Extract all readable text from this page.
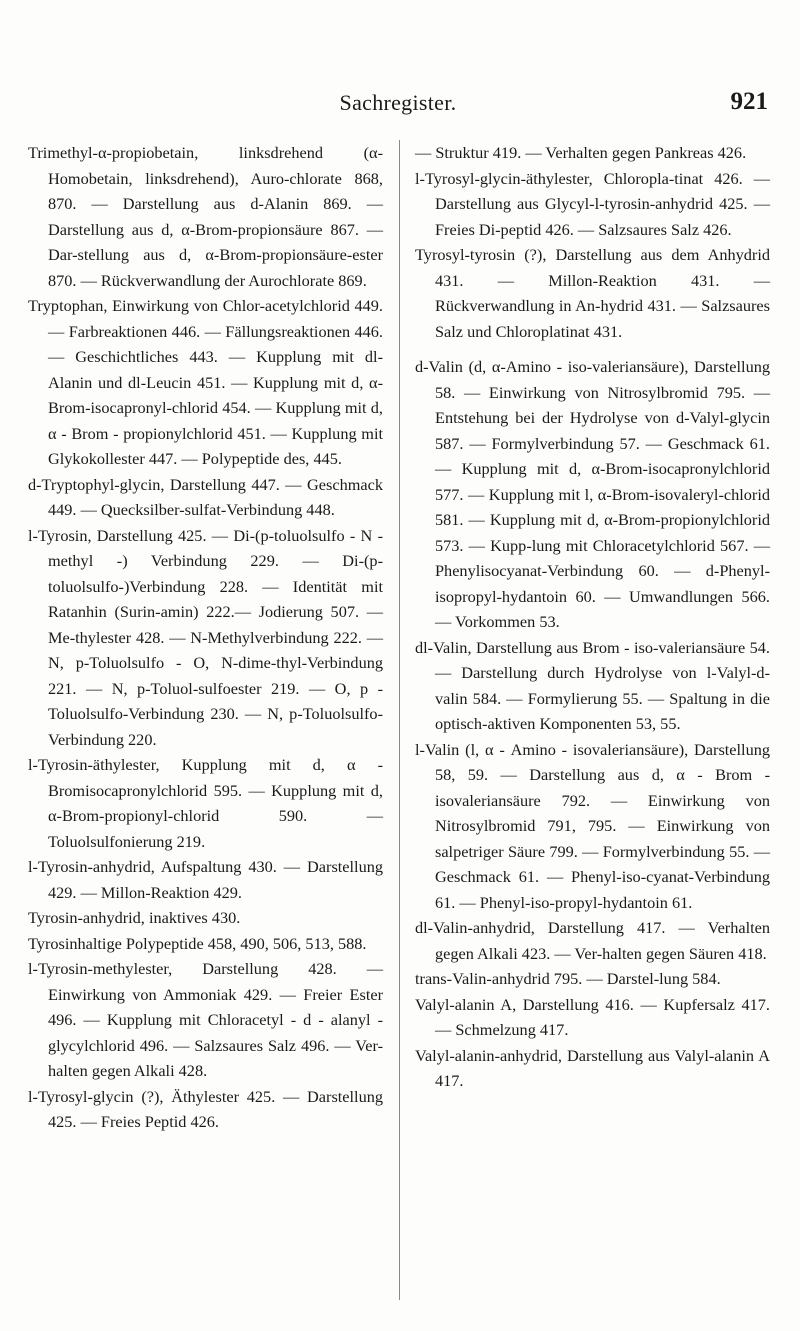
Sachregister.	921

Trimethyl-α-propiobetain, linksdrehend (α-Homobetain, linksdrehend), Auro-chlorate 868, 870. — Darstellung aus d-Alanin 869. — Darstellung aus d, α-Brom-propionsäure 867. — Dar-stellung aus d, α-Brom-propionsäure-ester 870. — Rückverwandlung der Aurochlorate 869.

Tryptophan, Einwirkung von Chlor-acetylchlorid 449. — Farbreaktionen 446. — Fällungsreaktionen 446. — Geschichtliches 443. — Kupplung mit dl-Alanin und dl-Leucin 451. — Kupplung mit d, α-Brom-isocapronyl-chlorid 454. — Kupplung mit d, α - Brom - propionylchlorid 451. — Kupplung mit Glykokollester 447. — Polypeptide des, 445.

d-Tryptophyl-glycin, Darstellung 447. — Geschmack 449. — Quecksilber-sulfat-Verbindung 448.

l-Tyrosin, Darstellung 425. — Di-(p-toluolsulfo - N - methyl -) Verbindung 229. — Di-(p-toluolsulfo-)Verbindung 228. — Identität mit Ratanhin (Surin-amin) 222.— Jodierung 507. — Me-thylester 428. — N-Methylverbindung 222. — N, p-Toluolsulfo - O, N-dime-thyl-Verbindung 221. — N, p-Toluol-sulfoester 219. — O, p - Toluolsulfo-Verbindung 230. — N, p-Toluolsulfo-Verbindung 220.

l-Tyrosin-äthylester, Kupplung mit d, α - Bromisocapronylchlorid 595. — Kupplung mit d, α-Brom-propionyl-chlorid 590. — Toluolsulfonierung 219.

l-Tyrosin-anhydrid, Aufspaltung 430. — Darstellung 429. — Millon-Reaktion 429.

Tyrosin-anhydrid, inaktives 430.

Tyrosinhaltige Polypeptide 458, 490, 506, 513, 588.

l-Tyrosin-methylester, Darstellung 428. — Einwirkung von Ammoniak 429. — Freier Ester 496. — Kupplung mit Chloracetyl - d - alanyl - glycylchlorid 496. — Salzsaures Salz 496. — Ver-halten gegen Alkali 428.

l-Tyrosyl-glycin (?), Äthylester 425. — Darstellung 425. — Freies Peptid 426.

— Struktur 419. — Verhalten gegen Pankreas 426.

l-Tyrosyl-glycin-äthylester, Chloropla-tinat 426. — Darstellung aus Glycyl-l-tyrosin-anhydrid 425. — Freies Di-peptid 426. — Salzsaures Salz 426.

Tyrosyl-tyrosin (?), Darstellung aus dem Anhydrid 431. — Millon-Reaktion 431. — Rückverwandlung in An-hydrid 431. — Salzsaures Salz und Chloroplatinat 431.

d-Valin (d, α-Amino - iso-valeriansäure), Darstellung 58. — Einwirkung von Nitrosylbromid 795. — Entstehung bei der Hydrolyse von d-Valyl-glycin 587. — Formylverbindung 57. — Geschmack 61. — Kupplung mit d, α-Brom-isocapronylchlorid 577. — Kupplung mit l, α-Brom-isovaleryl-chlorid 581. — Kupplung mit d, α-Brom-propionylchlorid 573. — Kupp-lung mit Chloracetylchlorid 567. — Phenylisocyanat-Verbindung 60. — d-Phenyl-isopropyl-hydantoin 60. — Umwandlungen 566. — Vorkommen 53.

dl-Valin, Darstellung aus Brom - iso-valeriansäure 54. — Darstellung durch Hydrolyse von l-Valyl-d-valin 584. — Formylierung 55. — Spaltung in die optisch-aktiven Komponenten 53, 55.

l-Valin (l, α - Amino - isovaleriansäure), Darstellung 58, 59. — Darstellung aus d, α - Brom - isovaleriansäure 792. — Einwirkung von Nitrosylbromid 791, 795. — Einwirkung von salpetriger Säure 799. — Formylverbindung 55. — Geschmack 61. — Phenyl-iso-cyanat-Verbindung 61. — Phenyl-iso-propyl-hydantoin 61.

dl-Valin-anhydrid, Darstellung 417. — Verhalten gegen Alkali 423. — Ver-halten gegen Säuren 418.

trans-Valin-anhydrid 795. — Darstel-lung 584.

Valyl-alanin A, Darstellung 416. — Kupfersalz 417. — Schmelzung 417.

Valyl-alanin-anhydrid, Darstellung aus Valyl-alanin A 417.
